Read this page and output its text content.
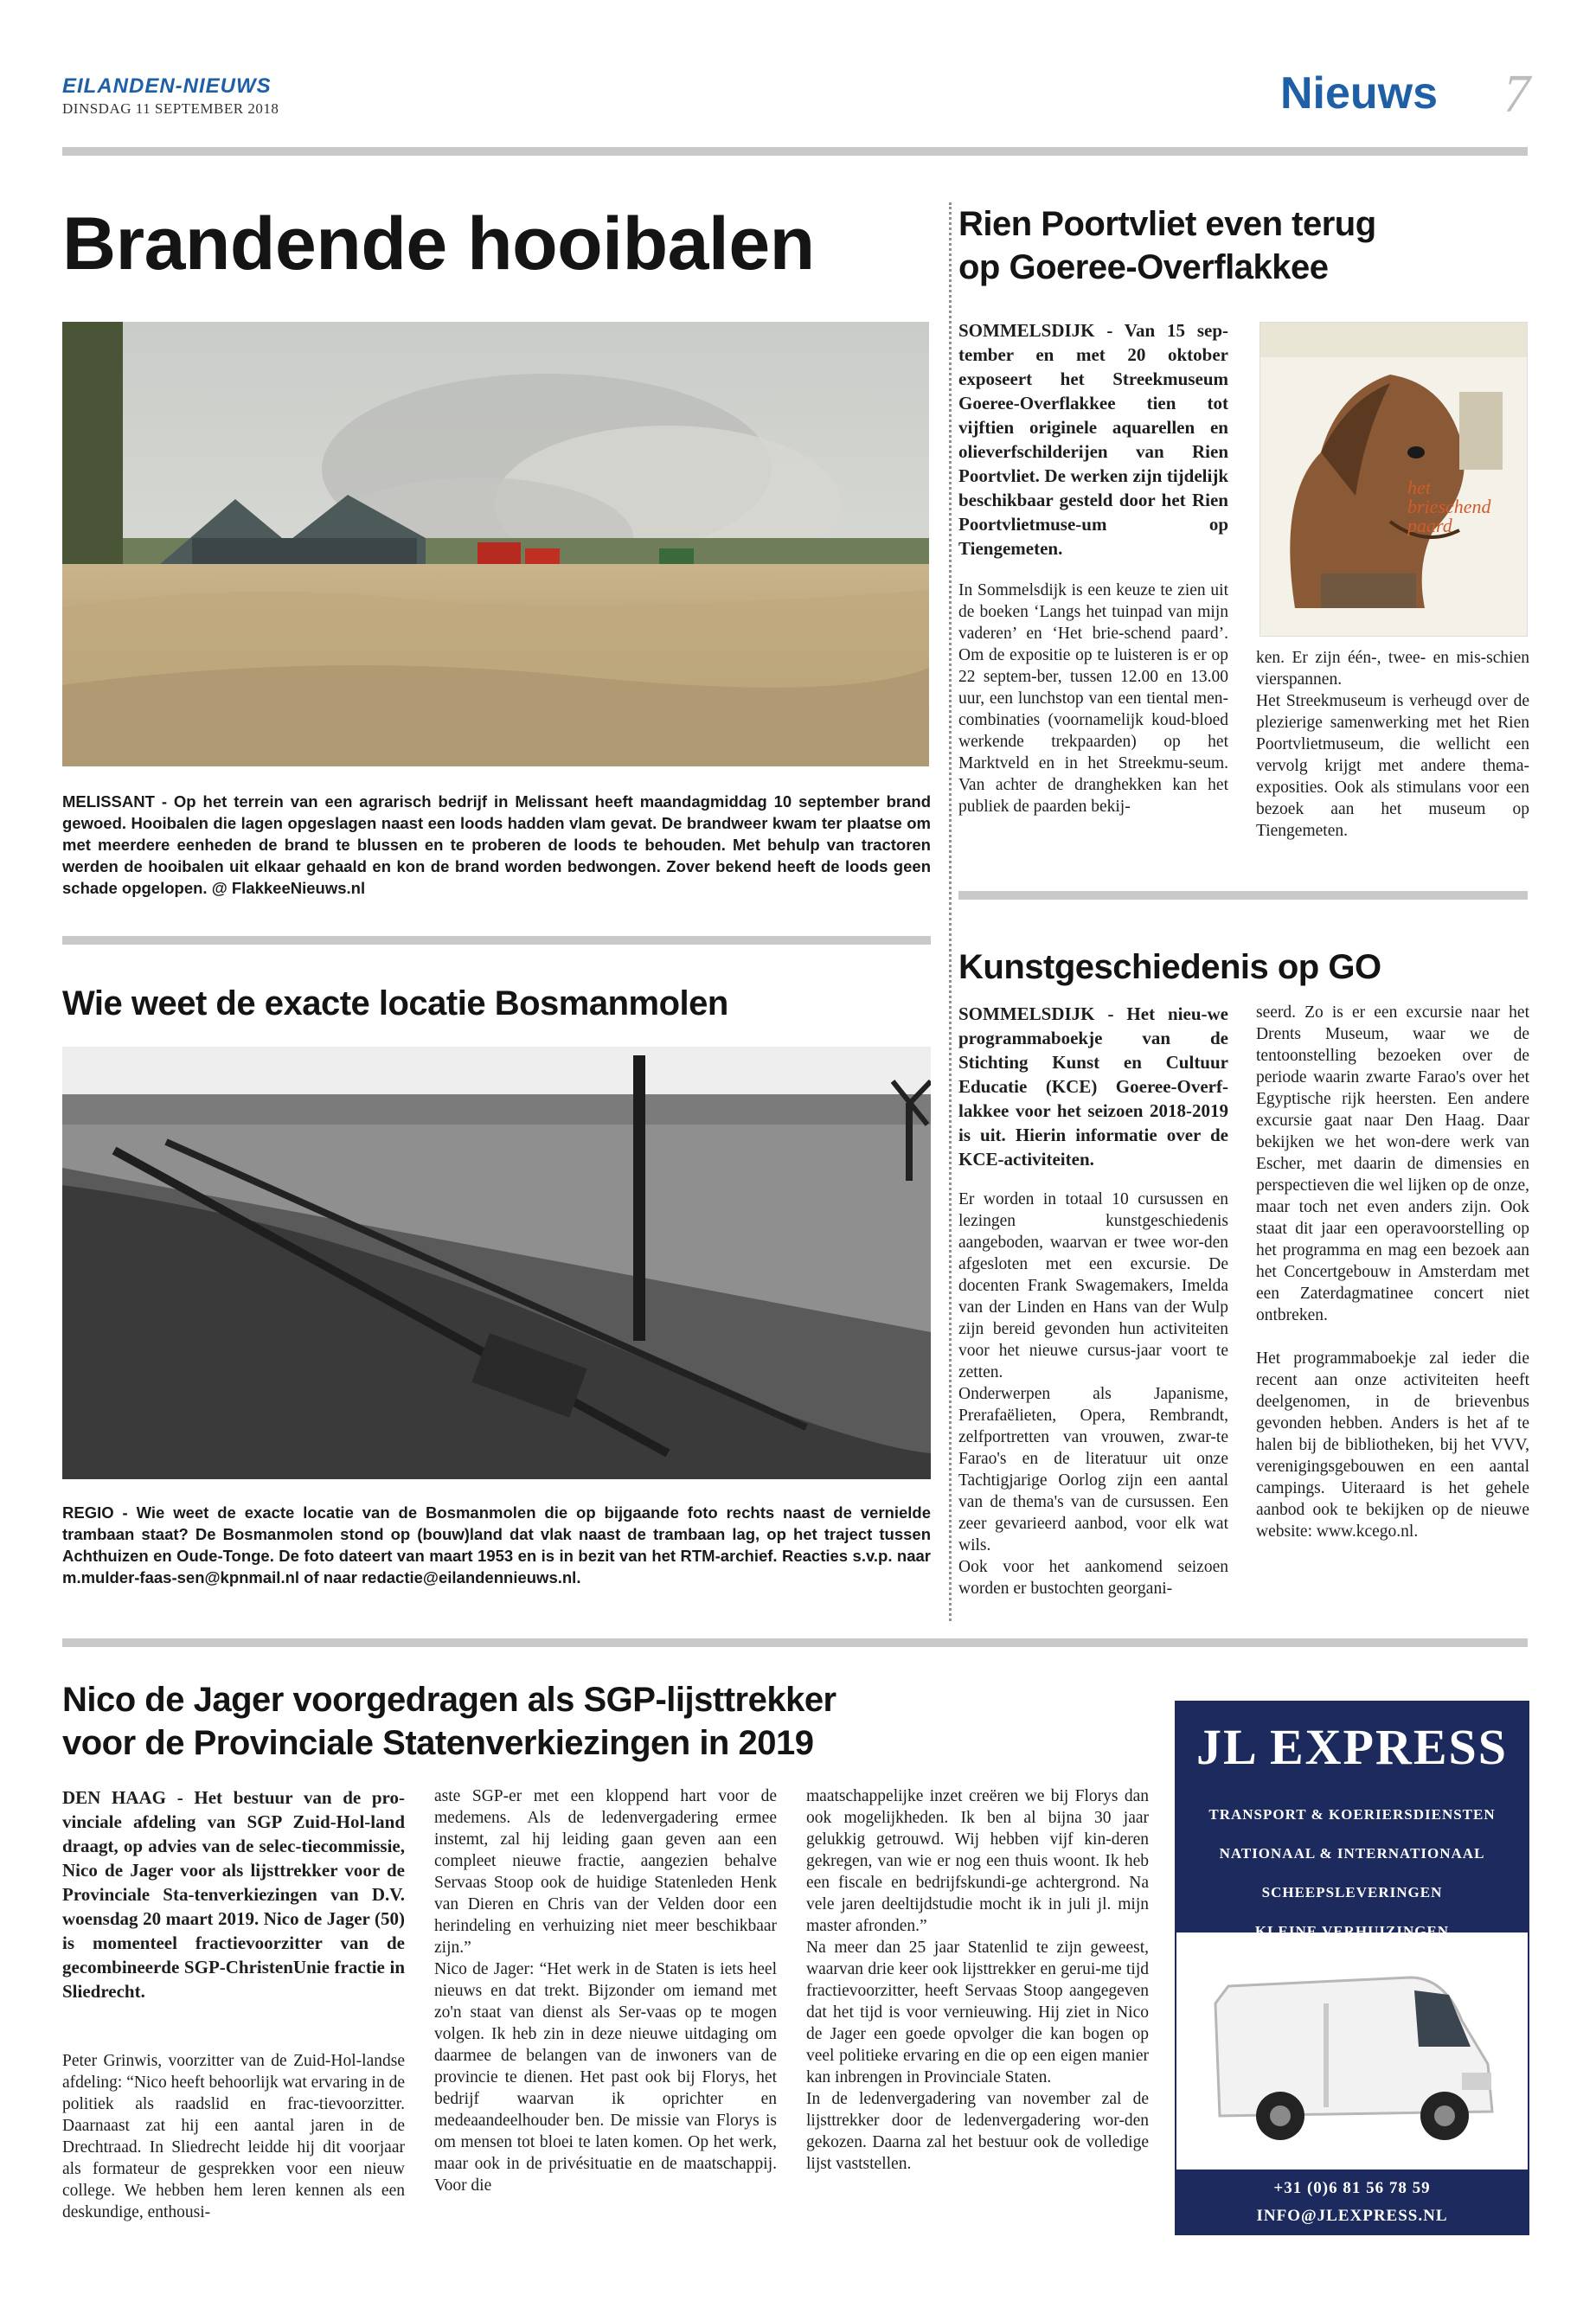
EILANDEN-NIEUWS
DINSDAG 11 SEPTEMBER 2018	Nieuws 7
Brandende hooibalen
MELISSANT - Op het terrein van een agrarisch bedrijf in Melissant heeft maandagmiddag 10 september brand gewoed. Hooibalen die lagen opgeslagen naast een loods hadden vlam gevat. De brandweer kwam ter plaatse om met meerdere eenheden de brand te blussen en te proberen de loods te behouden. Met behulp van tractoren werden de hooibalen uit elkaar gehaald en kon de brand worden bedwongen. Zover bekend heeft de loods geen schade opgelopen. @ FlakkeeNieuws.nl
Wie weet de exacte locatie Bosmanmolen
REGIO - Wie weet de exacte locatie van de Bosmanmolen die op bijgaande foto rechts naast de vernielde trambaan staat? De Bosmanmolen stond op (bouw)land dat vlak naast de trambaan lag, op het traject tussen Achthuizen en Oude-Tonge. De foto dateert van maart 1953 en is in bezit van het RTM-archief. Reacties s.v.p. naar m.mulder-faas-sen@kpnmail.nl of naar redactie@eilandennieuws.nl.
Rien Poortvliet even terug
op Goeree-Overflakkee
SOMMELSDIJK - Van 15 sep-tember en met 20 oktober exposeert het Streekmuseum Goeree-Overflakkee tien tot vijftien originele aquarellen en olieverfschilderijen van Rien Poortvliet. De werken zijn tijdelijk beschikbaar gesteld door het Rien Poortvlietmuse-um op Tiengemeten.
het
brieschend
paard
In Sommelsdijk is een keuze te zien uit de boeken ‘Langs het tuinpad van mijn vaderen’ en ‘Het brie-schend paard’. Om de expositie op te luisteren is er op 22 septem-ber, tussen 12.00 en 13.00 uur, een lunchstop van een tiental men-combinaties (voornamelijk koud-bloed werkende trekpaarden) op het Marktveld en in het Streekmu-seum. Van achter de dranghekken kan het publiek de paarden bekij-
ken. Er zijn één-, twee- en mis-schien vierspannen.
Het Streekmuseum is verheugd over de plezierige samenwerking met het Rien Poortvlietmuseum, die wellicht een vervolg krijgt met andere thema-exposities. Ook als stimulans voor een bezoek aan het museum op Tiengemeten.
Kunstgeschiedenis op GO
SOMMELSDIJK - Het nieu-we programmaboekje van de Stichting Kunst en Cultuur Educatie (KCE) Goeree-Overf-lakkee voor het seizoen 2018-2019 is uit. Hierin informatie over de KCE-activiteiten.
Er worden in totaal 10 cursussen en lezingen kunstgeschiedenis aangeboden, waarvan er twee wor-den afgesloten met een excursie. De docenten Frank Swagemakers, Imelda van der Linden en Hans van der Wulp zijn bereid gevonden hun activiteiten voor het nieuwe cursus-jaar voort te zetten.
Onderwerpen als Japanisme, Prerafaëlieten, Opera, Rembrandt, zelfportretten van vrouwen, zwar-te Farao's en de literatuur uit onze Tachtigjarige Oorlog zijn een aantal van de thema's van de cursussen. Een zeer gevarieerd aanbod, voor elk wat wils.
Ook voor het aankomend seizoen worden er bustochten georgani-
seerd. Zo is er een excursie naar het Drents Museum, waar we de tentoonstelling bezoeken over de periode waarin zwarte Farao's over het Egyptische rijk heersten. Een andere excursie gaat naar Den Haag. Daar bekijken we het won-dere werk van Escher, met daarin de dimensies en perspectieven die wel lijken op de onze, maar toch net even anders zijn. Ook staat dit jaar een operavoorstelling op het programma en mag een bezoek aan het Concertgebouw in Amsterdam met een Zaterdagmatinee concert niet ontbreken.

Het programmaboekje zal ieder die recent aan onze activiteiten heeft deelgenomen, in de brievenbus gevonden hebben. Anders is het af te halen bij de bibliotheken, bij het VVV, verenigingsgebouwen en een aantal campings. Uiteraard is het gehele aanbod ook te bekijken op de nieuwe website: www.kcego.nl.
Nico de Jager voorgedragen als SGP-lijsttrekker
voor de Provinciale Statenverkiezingen in 2019
DEN HAAG - Het bestuur van de pro-vinciale afdeling van SGP Zuid-Hol-land draagt, op advies van de selec-tiecommissie, Nico de Jager voor als lijsttrekker voor de Provinciale Sta-tenverkiezingen van D.V. woensdag 20 maart 2019. Nico de Jager (50) is momenteel fractievoorzitter van de gecombineerde SGP-ChristenUnie fractie in Sliedrecht.
Peter Grinwis, voorzitter van de Zuid-Hol-landse afdeling: “Nico heeft behoorlijk wat ervaring in de politiek als raadslid en frac-tievoorzitter. Daarnaast zat hij een aantal jaren in de Drechtraad. In Sliedrecht leidde hij dit voorjaar als formateur de gesprekken voor een nieuw college. We hebben hem leren kennen als een deskundige, enthousi-
aste SGP-er met een kloppend hart voor de medemens. Als de ledenvergadering ermee instemt, zal hij leiding gaan geven aan een compleet nieuwe fractie, aangezien behalve Servaas Stoop ook de huidige Statenleden Henk van Dieren en Chris van der Velden door een herindeling en verhuizing niet meer beschikbaar zijn.”
Nico de Jager: “Het werk in de Staten is iets heel nieuws en dat trekt. Bijzonder om iemand met zo'n staat van dienst als Ser-vaas op te mogen volgen. Ik heb zin in deze nieuwe uitdaging om daarmee de belangen van de inwoners van de provincie te dienen. Het past ook bij Florys, het bedrijf waarvan ik oprichter en medeaandeelhouder ben. De missie van Florys is om mensen tot bloei te laten komen. Op het werk, maar ook in de privésituatie en de maatschappij. Voor die
maatschappelijke inzet creëren we bij Florys dan ook mogelijkheden. Ik ben al bijna 30 jaar gelukkig getrouwd. Wij hebben vijf kin-deren gekregen, van wie er nog een thuis woont. Ik heb een fiscale en bedrijfskundi-ge achtergrond. Na vele jaren deeltijdstudie mocht ik in juli jl. mijn master afronden.”
Na meer dan 25 jaar Statenlid te zijn geweest, waarvan drie keer ook lijsttrekker en gerui-me tijd fractievoorzitter, heeft Servaas Stoop aangegeven dat het tijd is voor vernieuwing. Hij ziet in Nico de Jager een goede opvolger die kan bogen op veel politieke ervaring en die op een eigen manier kan inbrengen in Provinciale Staten.
In de ledenvergadering van november zal de lijsttrekker door de ledenvergadering wor-den gekozen. Daarna zal het bestuur ook de volledige lijst vaststellen.
JL EXPRESS
TRANSPORT & KOERIERSDIENSTEN
NATIONAAL & INTERNATIONAAL
SCHEEPSLEVERINGEN
KLEINE VERHUIZINGEN
+31 (0)6 81 56 78 59
INFO@JLEXPRESS.NL
